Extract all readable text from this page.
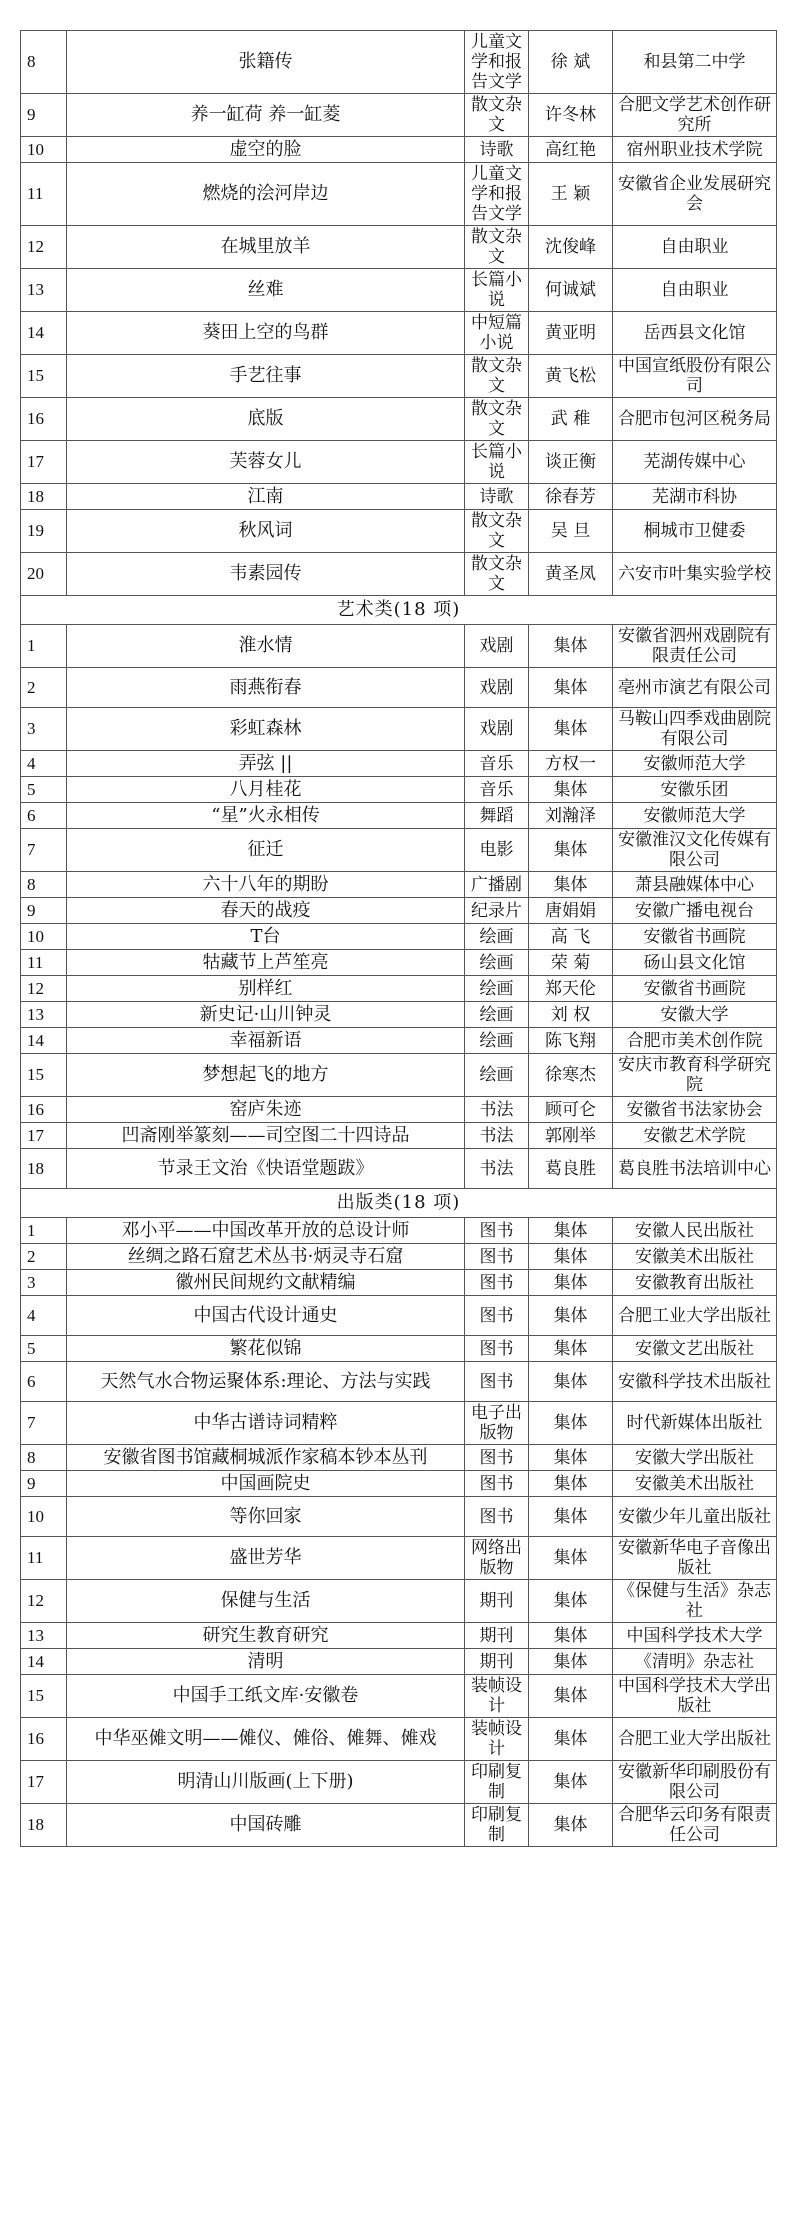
8	张籍传	儿童文学和报告文学	徐 斌	和县第二中学
9	养一缸荷 养一缸菱	散文杂文	许冬林	合肥文学艺术创作研究所
10	虚空的脸	诗歌	高红艳	宿州职业技术学院
11	燃烧的浍河岸边	儿童文学和报告文学	王 颖	安徽省企业发展研究会
12	在城里放羊	散文杂文	沈俊峰	自由职业
13	丝难	长篇小说	何诚斌	自由职业
14	葵田上空的鸟群	中短篇小说	黄亚明	岳西县文化馆
15	手艺往事	散文杂文	黄飞松	中国宣纸股份有限公司
16	底版	散文杂文	武 稚	合肥市包河区税务局
17	芙蓉女儿	长篇小说	谈正衡	芜湖传媒中心
18	江南	诗歌	徐春芳	芜湖市科协
19	秋风词	散文杂文	吴 旦	桐城市卫健委
20	韦素园传	散文杂文	黄圣凤	六安市叶集实验学校
艺术类(18 项)				
1	淮水情	戏剧	集体	安徽省泗州戏剧院有限责任公司
2	雨燕衔春	戏剧	集体	亳州市演艺有限公司
3	彩虹森林	戏剧	集体	马鞍山四季戏曲剧院有限公司
4	弄弦 ||	音乐	方权一	安徽师范大学
5	八月桂花	音乐	集体	安徽乐团
6	“星”火永相传	舞蹈	刘瀚泽	安徽师范大学
7	征迁	电影	集体	安徽淮汉文化传媒有限公司
8	六十八年的期盼	广播剧	集体	萧县融媒体中心
9	春天的战疫	纪录片	唐娟娟	安徽广播电视台
10	T台	绘画	高 飞	安徽省书画院
11	牯藏节上芦笙亮	绘画	荣 菊	砀山县文化馆
12	别样红	绘画	郑天伦	安徽省书画院
13	新史记·山川钟灵	绘画	刘 权	安徽大学
14	幸福新语	绘画	陈飞翔	合肥市美术创作院
15	梦想起飞的地方	绘画	徐寒杰	安庆市教育科学研究院
16	窑庐朱迹	书法	顾可仑	安徽省书法家协会
17	凹斋刚举篆刻——司空图二十四诗品	书法	郭刚举	安徽艺术学院
18	节录王文治《快语堂题跋》	书法	葛良胜	葛良胜书法培训中心
出版类(18 项)				
1	邓小平——中国改革开放的总设计师	图书	集体	安徽人民出版社
2	丝绸之路石窟艺术丛书·炳灵寺石窟	图书	集体	安徽美术出版社
3	徽州民间规约文献精编	图书	集体	安徽教育出版社
4	中国古代设计通史	图书	集体	合肥工业大学出版社
5	繁花似锦	图书	集体	安徽文艺出版社
6	天然气水合物运聚体系:理论、方法与实践	图书	集体	安徽科学技术出版社
7	中华古谱诗词精粹	电子出版物	集体	时代新媒体出版社
8	安徽省图书馆藏桐城派作家稿本钞本丛刊	图书	集体	安徽大学出版社
9	中国画院史	图书	集体	安徽美术出版社
10	等你回家	图书	集体	安徽少年儿童出版社
11	盛世芳华	网络出版物	集体	安徽新华电子音像出版社
12	保健与生活	期刊	集体	《保健与生活》杂志社
13	研究生教育研究	期刊	集体	中国科学技术大学
14	清明	期刊	集体	《清明》杂志社
15	中国手工纸文库·安徽卷	装帧设计	集体	中国科学技术大学出版社
16	中华巫傩文明——傩仪、傩俗、傩舞、傩戏	装帧设计	集体	合肥工业大学出版社
17	明清山川版画(上下册)	印刷复制	集体	安徽新华印刷股份有限公司
18	中国砖雕	印刷复制	集体	合肥华云印务有限责任公司
